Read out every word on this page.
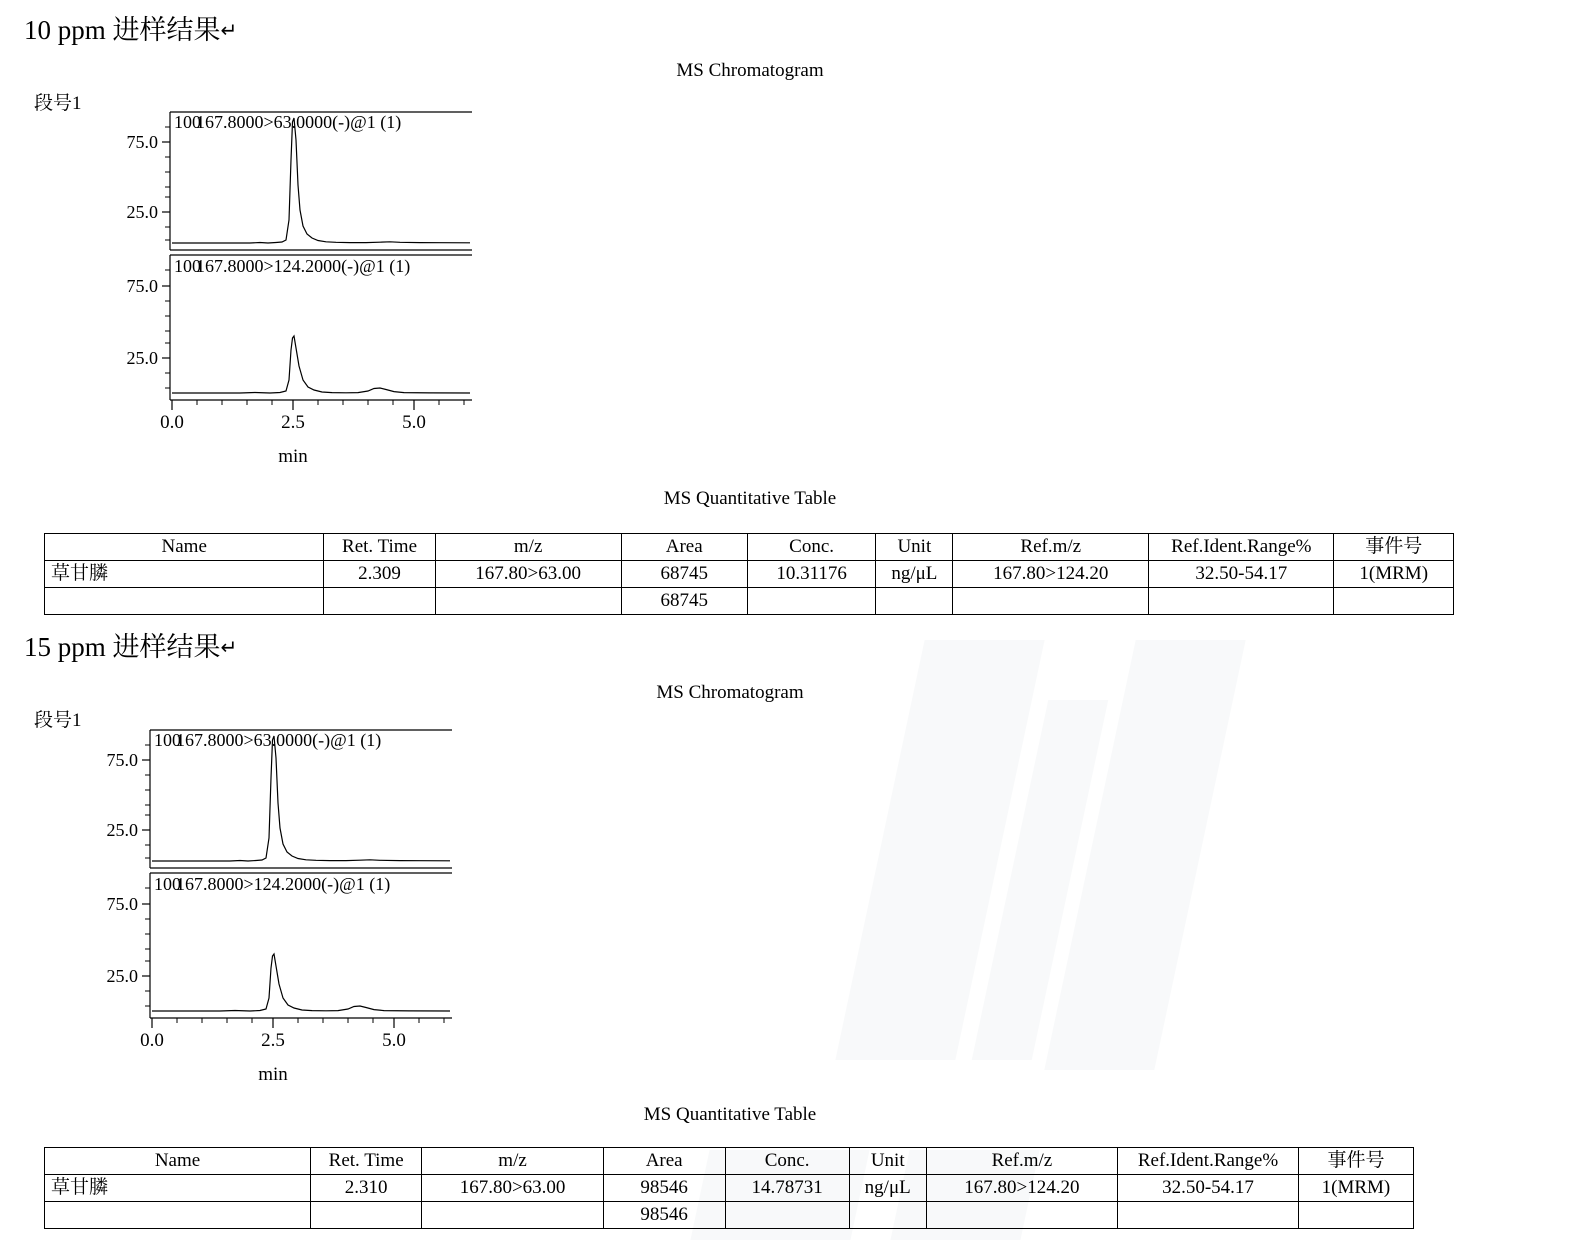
10 ppm 进样结果↵
MS Chromatogram
段号1
75.0
25.0
100
167.8000>63.0000(-)@1 (1)
75.0
25.0
100
167.8000>124.2000(-)@1 (1)
0.0	2.5	5.0
min
MS Quantitative Table
Name	Ret. Time	m/z	Area	Conc.	Unit	Ref.m/z	Ref.Ident.Range%	事件号
草甘膦	2.309	167.80>63.00	68745	10.31176	ng/μL	167.80>124.20	32.50-54.17	1(MRM)
			68745					
15 ppm 进样结果↵
MS Chromatogram
段号1
75.0
25.0
100
167.8000>63.0000(-)@1 (1)
75.0
25.0
100
167.8000>124.2000(-)@1 (1)
0.0	2.5	5.0
min
MS Quantitative Table
Name	Ret. Time	m/z	Area	Conc.	Unit	Ref.m/z	Ref.Ident.Range%	事件号
草甘膦	2.310	167.80>63.00	98546	14.78731	ng/μL	167.80>124.20	32.50-54.17	1(MRM)
			98546					
